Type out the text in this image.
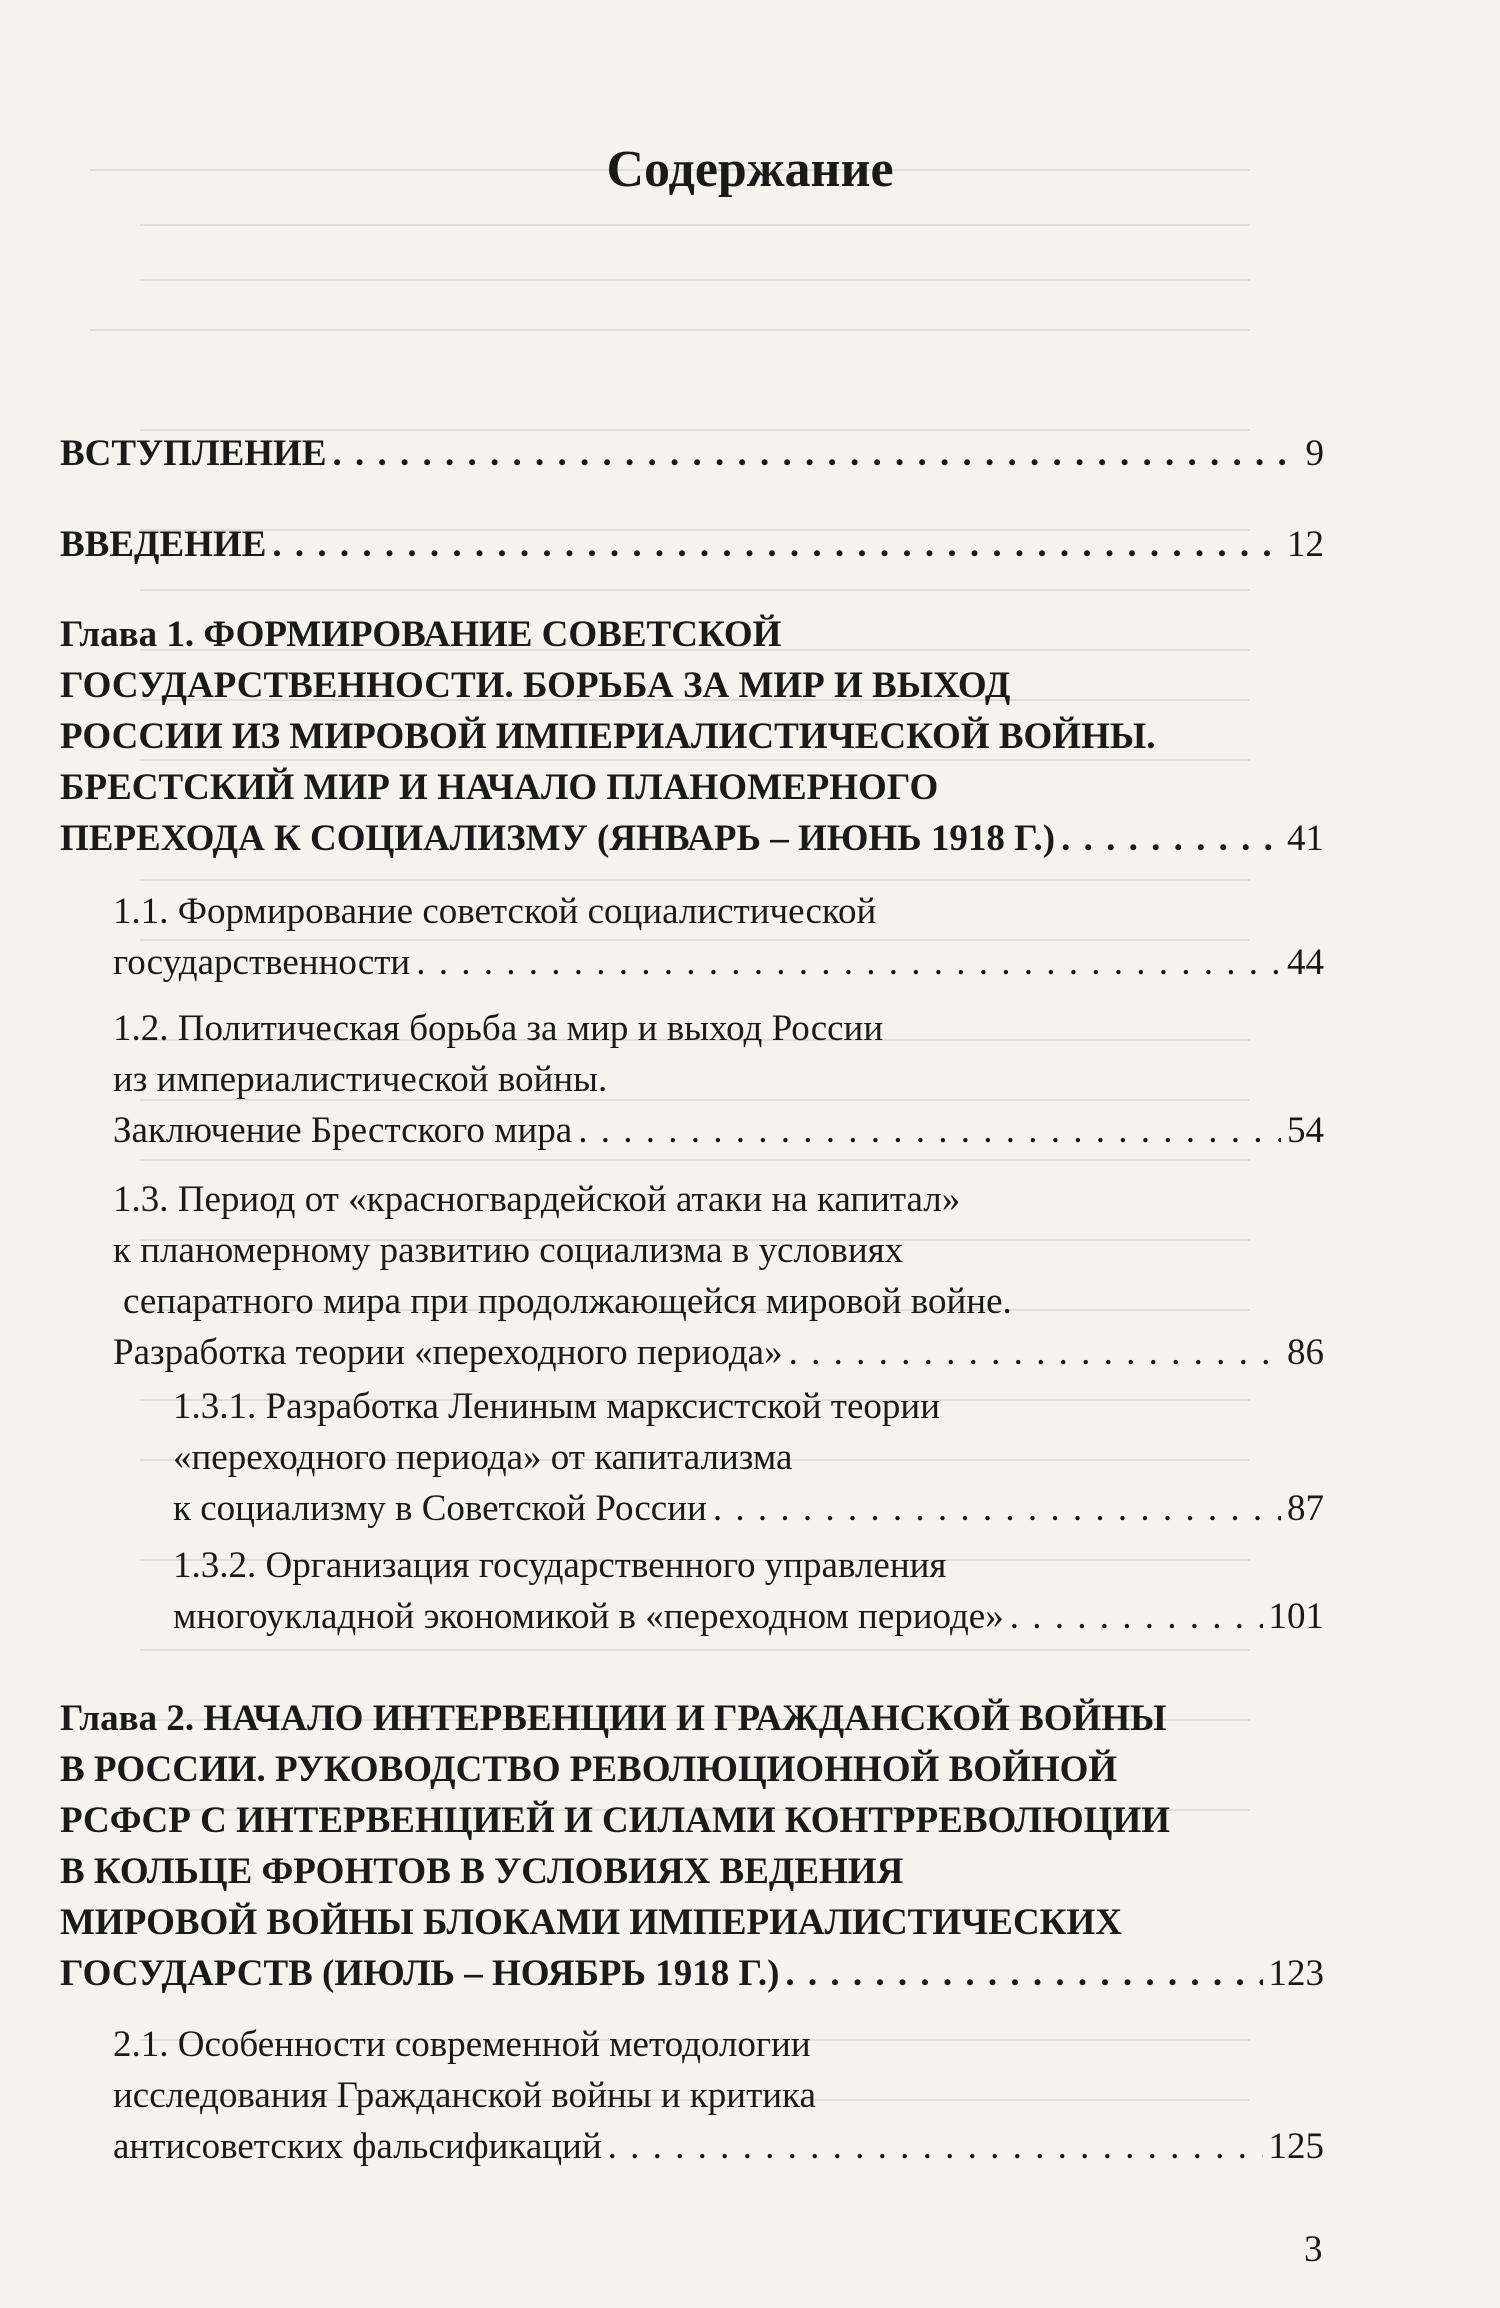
Содержание
ВСТУПЛЕНИЕ . . .	9
ВВЕДЕНИЕ . . .	12
Глава 1. ФОРМИРОВАНИЕ СОВЕТСКОЙ
ГОСУДАРСТВЕННОСТИ. БОРЬБА ЗА МИР И ВЫХОД
РОССИИ ИЗ МИРОВОЙ ИМПЕРИАЛИСТИЧЕСКОЙ ВОЙНЫ.
БРЕСТСКИЙ МИР И НАЧАЛО ПЛАНОМЕРНОГО
ПЕРЕХОДА К СОЦИАЛИЗМУ (ЯНВАРЬ – ИЮНЬ 1918 Г.) . . .	41
1.1. Формирование советской социалистической
государственности . . .	44
1.2. Политическая борьба за мир и выход России
из империалистической войны.
Заключение Брестского мира . . .	54
1.3. Период от «красногвардейской атаки на капитал»
к планомерному развитию социализма в условиях
сепаратного мира при продолжающейся мировой войне.
Разработка теории «переходного периода» . . .	86
1.3.1. Разработка Лениным марксистской теории
«переходного периода» от капитализма
к социализму в Советской России . . .	87
1.3.2. Организация государственного управления
многоукладной экономикой в «переходном периоде» . . .	101
Глава 2. НАЧАЛО ИНТЕРВЕНЦИИ И ГРАЖДАНСКОЙ ВОЙНЫ
В РОССИИ. РУКОВОДСТВО РЕВОЛЮЦИОННОЙ ВОЙНОЙ
РСФСР С ИНТЕРВЕНЦИЕЙ И СИЛАМИ КОНТРРЕВОЛЮЦИИ
В КОЛЬЦЕ ФРОНТОВ В УСЛОВИЯХ ВЕДЕНИЯ
МИРОВОЙ ВОЙНЫ БЛОКАМИ ИМПЕРИАЛИСТИЧЕСКИХ
ГОСУДАРСТВ (ИЮЛЬ – НОЯБРЬ 1918 Г.) . . .	123
2.1. Особенности современной методологии
исследования Гражданской войны и критика
антисоветских фальсификаций . . .	125
3
